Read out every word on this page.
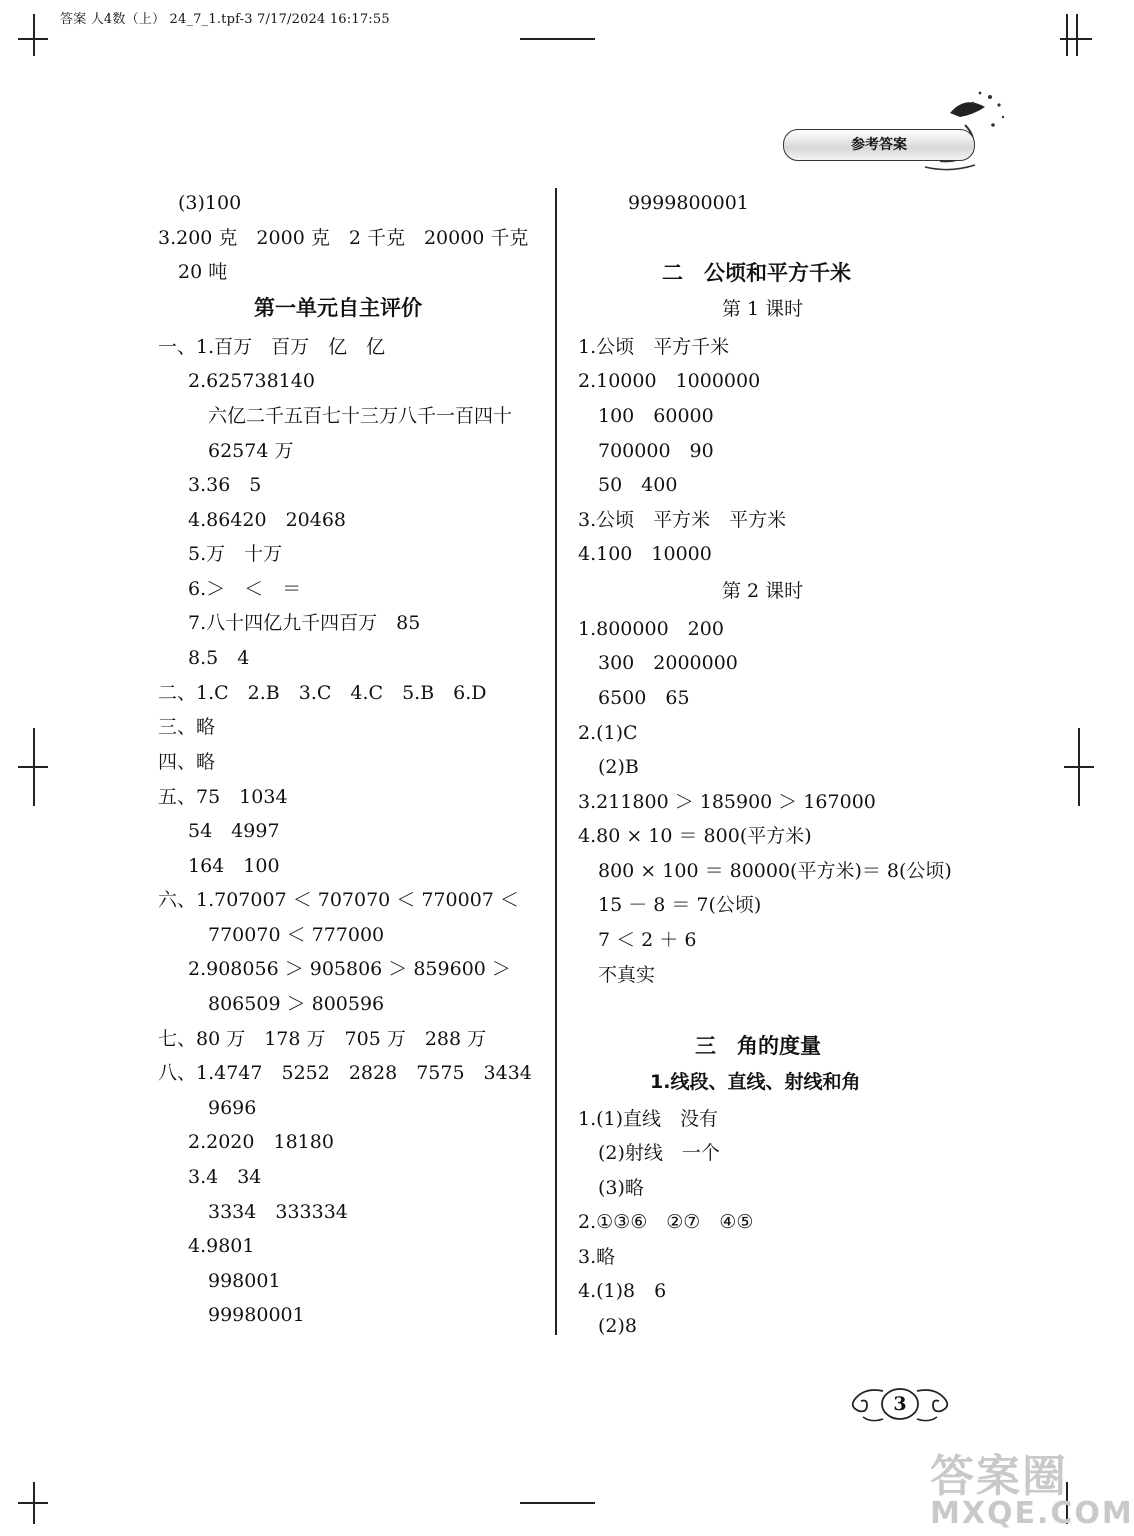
答案 人4数（上） 24_7_1.tpf-3 7/17/2024 16:17:55
参考答案
(3)100
3.200 克　2000 克　2 千克　20000 千克
20 吨
第一单元自主评价
一、1.百万　百万　亿　亿
2.625738140
六亿二千五百七十三万八千一百四十
62574 万
3.36　5
4.86420　20468
5.万　十万
6.＞　＜　＝
7.八十四亿九千四百万　85
8.5　4
二、1.C　2.B　3.C　4.C　5.B　6.D
三、略
四、略
五、75　1034
54　4997
164　100
六、1.707007 ＜ 707070 ＜ 770007 ＜
770070 ＜ 777000
2.908056 ＞ 905806 ＞ 859600 ＞
806509 ＞ 800596
七、80 万　178 万　705 万　288 万
八、1.4747　5252　2828　7575　3434
9696
2.2020　18180
3.4　34
3334　333334
4.9801
998001
99980001
9999800001
二　公顷和平方千米
第 1 课时
1.公顷　平方千米
2.10000　1000000
100　60000
700000　90
50　400
3.公顷　平方米　平方米
4.100　10000
第 2 课时
1.800000　200
300　2000000
6500　65
2.(1)C
(2)B
3.211800 ＞ 185900 ＞ 167000
4.80 × 10 ＝ 800(平方米)
800 × 100 ＝ 80000(平方米)＝ 8(公顷)
15 － 8 ＝ 7(公顷)
7 ＜ 2 ＋ 6
不真实
三　角的度量
1.线段、直线、射线和角
1.(1)直线　没有
(2)射线　一个
(3)略
2.①③⑥　②⑦　④⑤
3.略
4.(1)8　6
(2)8
3
答案圈
MXQE.COM
